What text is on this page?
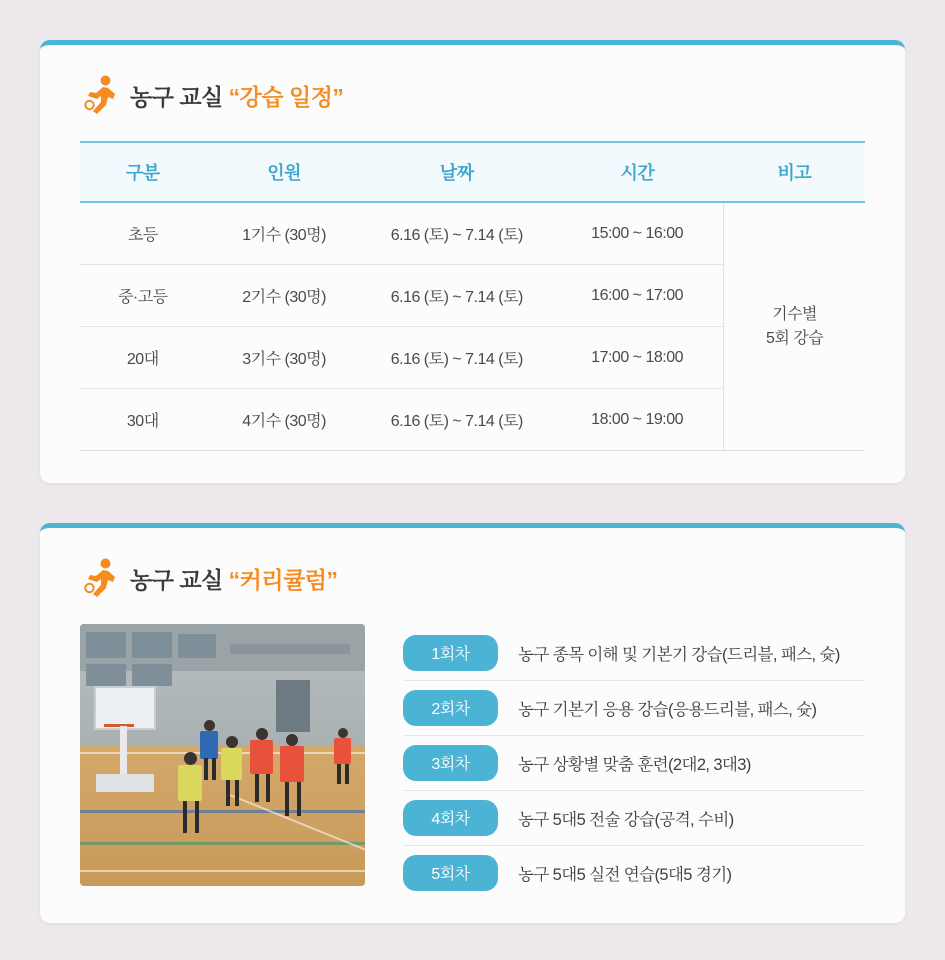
농구 교실 “강습 일정”
구분	인원	날짜	시간	비고
초등	1기수 (30명)	6.16 (토) ~ 7.14 (토)	15:00 ~ 16:00	기수별
5회 강습
중·고등	2기수 (30명)	6.16 (토) ~ 7.14 (토)	16:00 ~ 17:00	
20대	3기수 (30명)	6.16 (토) ~ 7.14 (토)	17:00 ~ 18:00	
30대	4기수 (30명)	6.16 (토) ~ 7.14 (토)	18:00 ~ 19:00	
농구 교실 “커리큘럼”
1회차	농구 종목 이해 및 기본기 강습(드리블, 패스, 슛)
2회차	농구 기본기 응용 강습(응용드리블, 패스, 슛)
3회차	농구 상황별 맞춤 훈련(2대2, 3대3)
4회차	농구 5대5 전술 강습(공격, 수비)
5회차	농구 5대5 실전 연습(5대5 경기)
